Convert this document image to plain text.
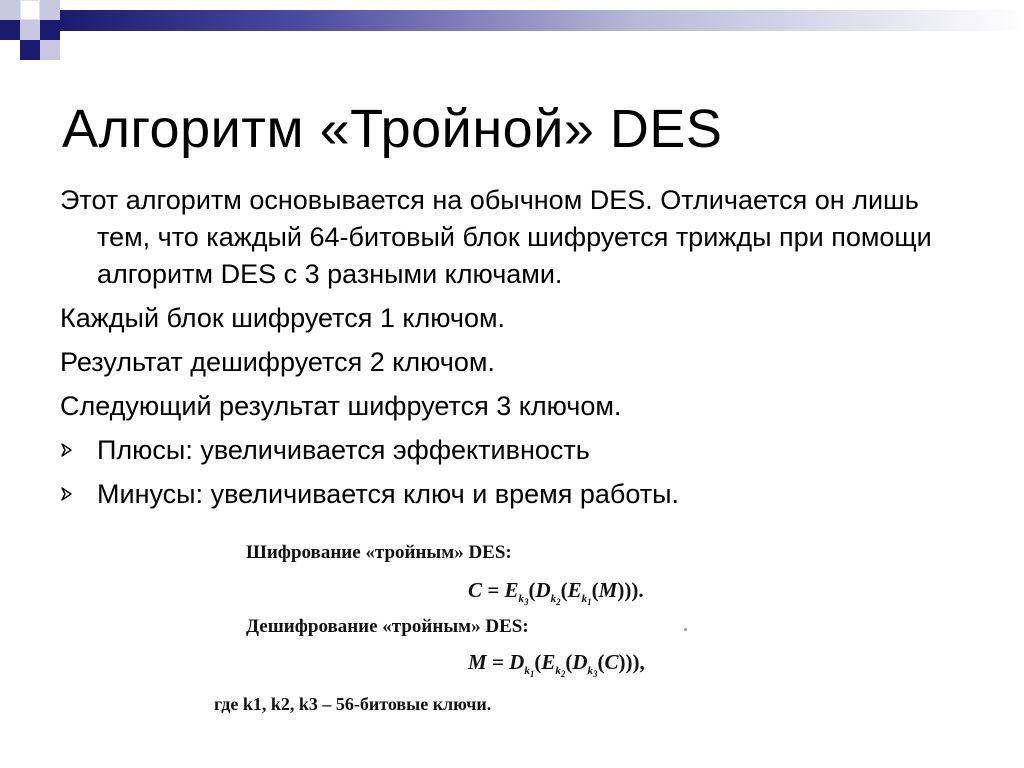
Алгоритм «Тройной» DES

Этот алгоритм основывается на обычном DES. Отличается он лишь тем, что каждый 64-битовый блок шифруется трижды при помощи алгоритм DES с 3 разными ключами.

Каждый блок шифруется 1 ключом.

Результат дешифруется 2 ключом.

Следующий результат шифруется 3 ключом.

Плюсы: увеличивается эффективность
Минусы: увеличивается ключ и время работы.
Шифрование «тройным» DES:
$C = E_{k_3}(D_{k_2}(E_{k_1}(M)))$.
Дешифрование «тройным» DES:
$M = D_{k_1}(E_{k_2}(D_{k_3}(C)))$,
где k1, k2, k3 – 56-битовые ключи.
